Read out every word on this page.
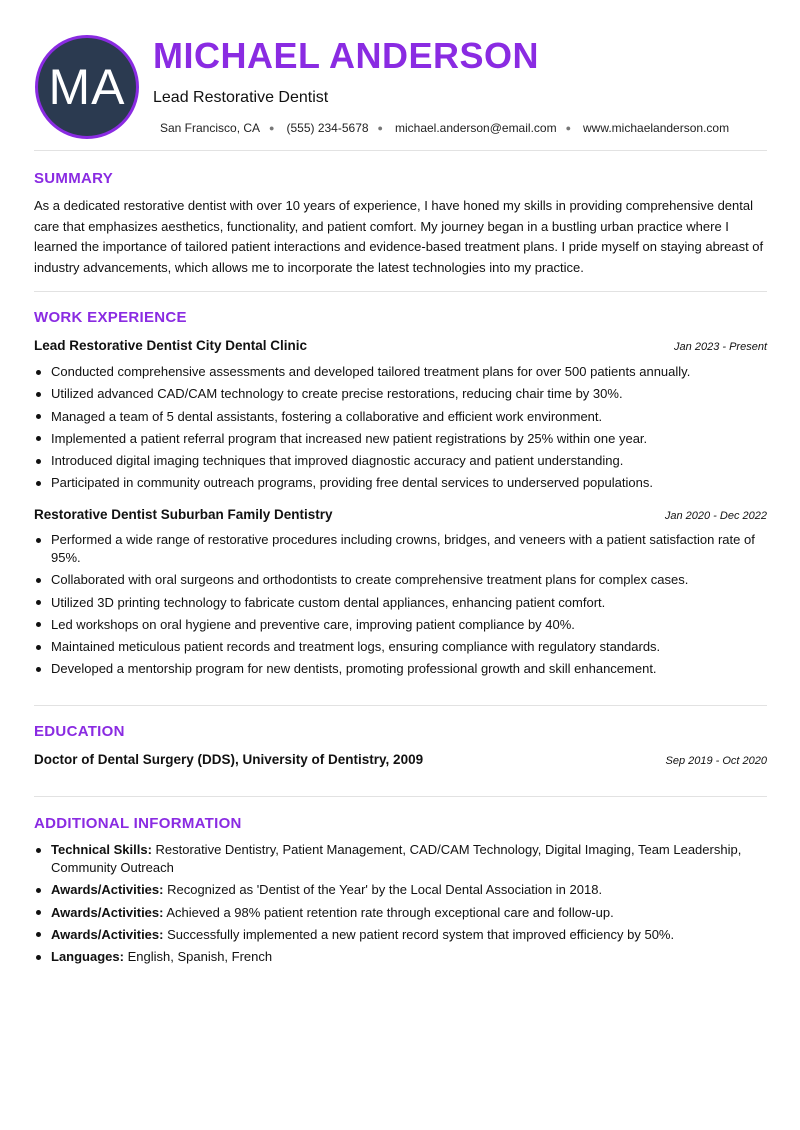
MA
MICHAEL ANDERSON
Lead Restorative Dentist
San Francisco, CA ● (555) 234-5678 ● michael.anderson@email.com ● www.michaelanderson.com
SUMMARY

As a dedicated restorative dentist with over 10 years of experience, I have honed my skills in providing comprehensive dental care that emphasizes aesthetics, functionality, and patient comfort. My journey began in a bustling urban practice where I learned the importance of tailored patient interactions and evidence-based treatment plans. I pride myself on staying abreast of industry advancements, which allows me to incorporate the latest technologies into my practice.

WORK EXPERIENCE
Lead Restorative Dentist City Dental Clinic	Jan 2023 - Present
Conducted comprehensive assessments and developed tailored treatment plans for over 500 patients annually.
Utilized advanced CAD/CAM technology to create precise restorations, reducing chair time by 30%.
Managed a team of 5 dental assistants, fostering a collaborative and efficient work environment.
Implemented a patient referral program that increased new patient registrations by 25% within one year.
Introduced digital imaging techniques that improved diagnostic accuracy and patient understanding.
Participated in community outreach programs, providing free dental services to underserved populations.
Restorative Dentist Suburban Family Dentistry	Jan 2020 - Dec 2022
Performed a wide range of restorative procedures including crowns, bridges, and veneers with a patient satisfaction rate of 95%.
Collaborated with oral surgeons and orthodontists to create comprehensive treatment plans for complex cases.
Utilized 3D printing technology to fabricate custom dental appliances, enhancing patient comfort.
Led workshops on oral hygiene and preventive care, improving patient compliance by 40%.
Maintained meticulous patient records and treatment logs, ensuring compliance with regulatory standards.
Developed a mentorship program for new dentists, promoting professional growth and skill enhancement.
EDUCATION
Doctor of Dental Surgery (DDS), University of Dentistry, 2009	Sep 2019 - Oct 2020
ADDITIONAL INFORMATION
Technical Skills: Restorative Dentistry, Patient Management, CAD/CAM Technology, Digital Imaging, Team Leadership, Community Outreach
Awards/Activities: Recognized as 'Dentist of the Year' by the Local Dental Association in 2018.
Awards/Activities: Achieved a 98% patient retention rate through exceptional care and follow-up.
Awards/Activities: Successfully implemented a new patient record system that improved efficiency by 50%.
Languages: English, Spanish, French
